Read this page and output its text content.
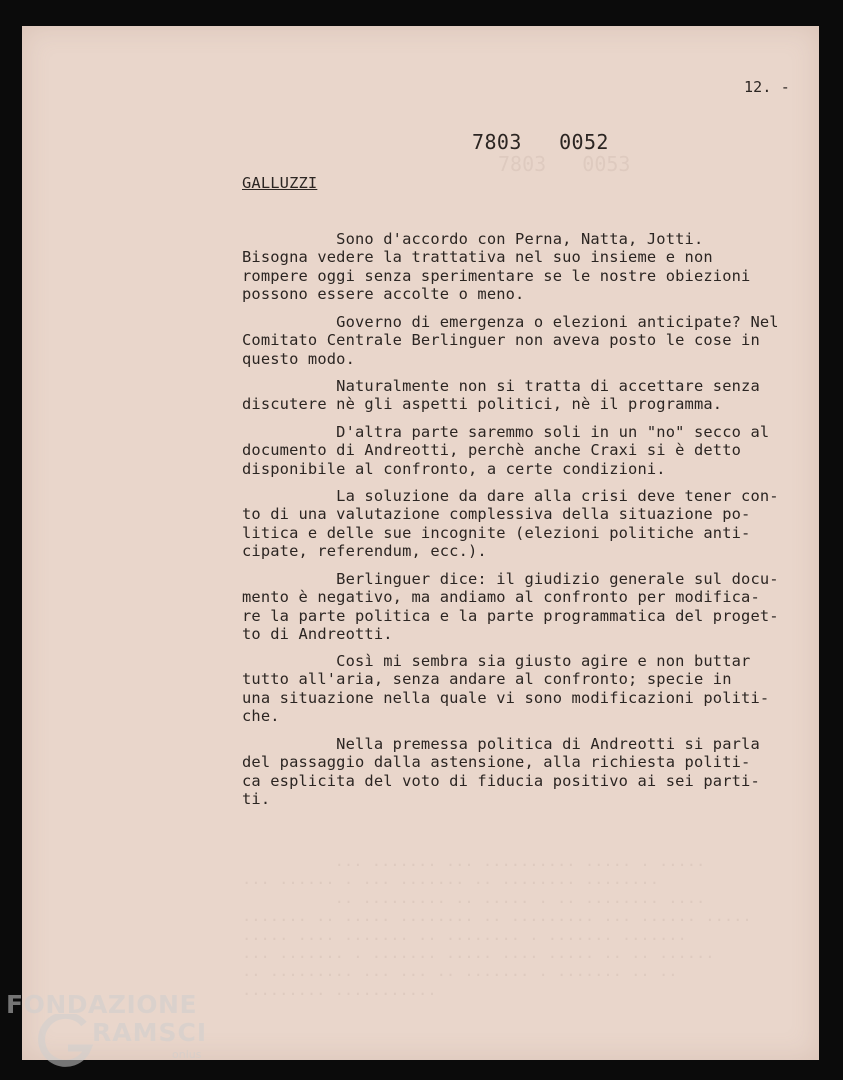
12. -
7803   0052
7803   0053
··· ······· ··· ·········· ····· · ·····
··· ······ · ··· ······· ·· ········ ········
·· ········· ·· ····· · ·· ········ ····
······· ·· ····· ········ ·· ········· ··· ······ ·····
····· ···· ······· ·· ········ · ······· ·······
··· ······· · ······· ····· ···· ····· ·· ·· ······
·· ········· ··· ··· ·· ······· · ······· ·· ··
········· ···········
GALLUZZI
Sono d'accordo con Perna, Natta, Jotti.
Bisogna vedere la trattativa nel suo insieme e non
rompere oggi senza sperimentare se le nostre obiezioni
possono essere accolte o meno.
Governo di emergenza o elezioni anticipate? Nel
Comitato Centrale Berlinguer non aveva posto le cose in
questo modo.
Naturalmente non si tratta di accettare senza
discutere nè gli aspetti politici, nè il programma.
D'altra parte saremmo soli in un "no" secco al
documento di Andreotti, perchè anche Craxi si è detto
disponibile al confronto, a certe condizioni.
La soluzione da dare alla crisi deve tener con-
to di una valutazione complessiva della situazione po-
litica e delle sue incognite (elezioni politiche anti-
cipate, referendum, ecc.).
Berlinguer dice: il giudizio generale sul docu-
mento è negativo, ma andiamo al confronto per modifica-
re la parte politica e la parte programmatica del proget-
to di Andreotti.
Così mi sembra sia giusto agire e non buttar
tutto all'aria, senza andare al confronto; specie in
una situazione nella quale vi sono modificazioni politi-
che.
Nella premessa politica di Andreotti si parla
del passaggio dalla astensione, alla richiesta politi-
ca esplicita del voto di fiducia positivo ai sei parti-
ti.
FONDAZIONE
RAMSCI
onlus
